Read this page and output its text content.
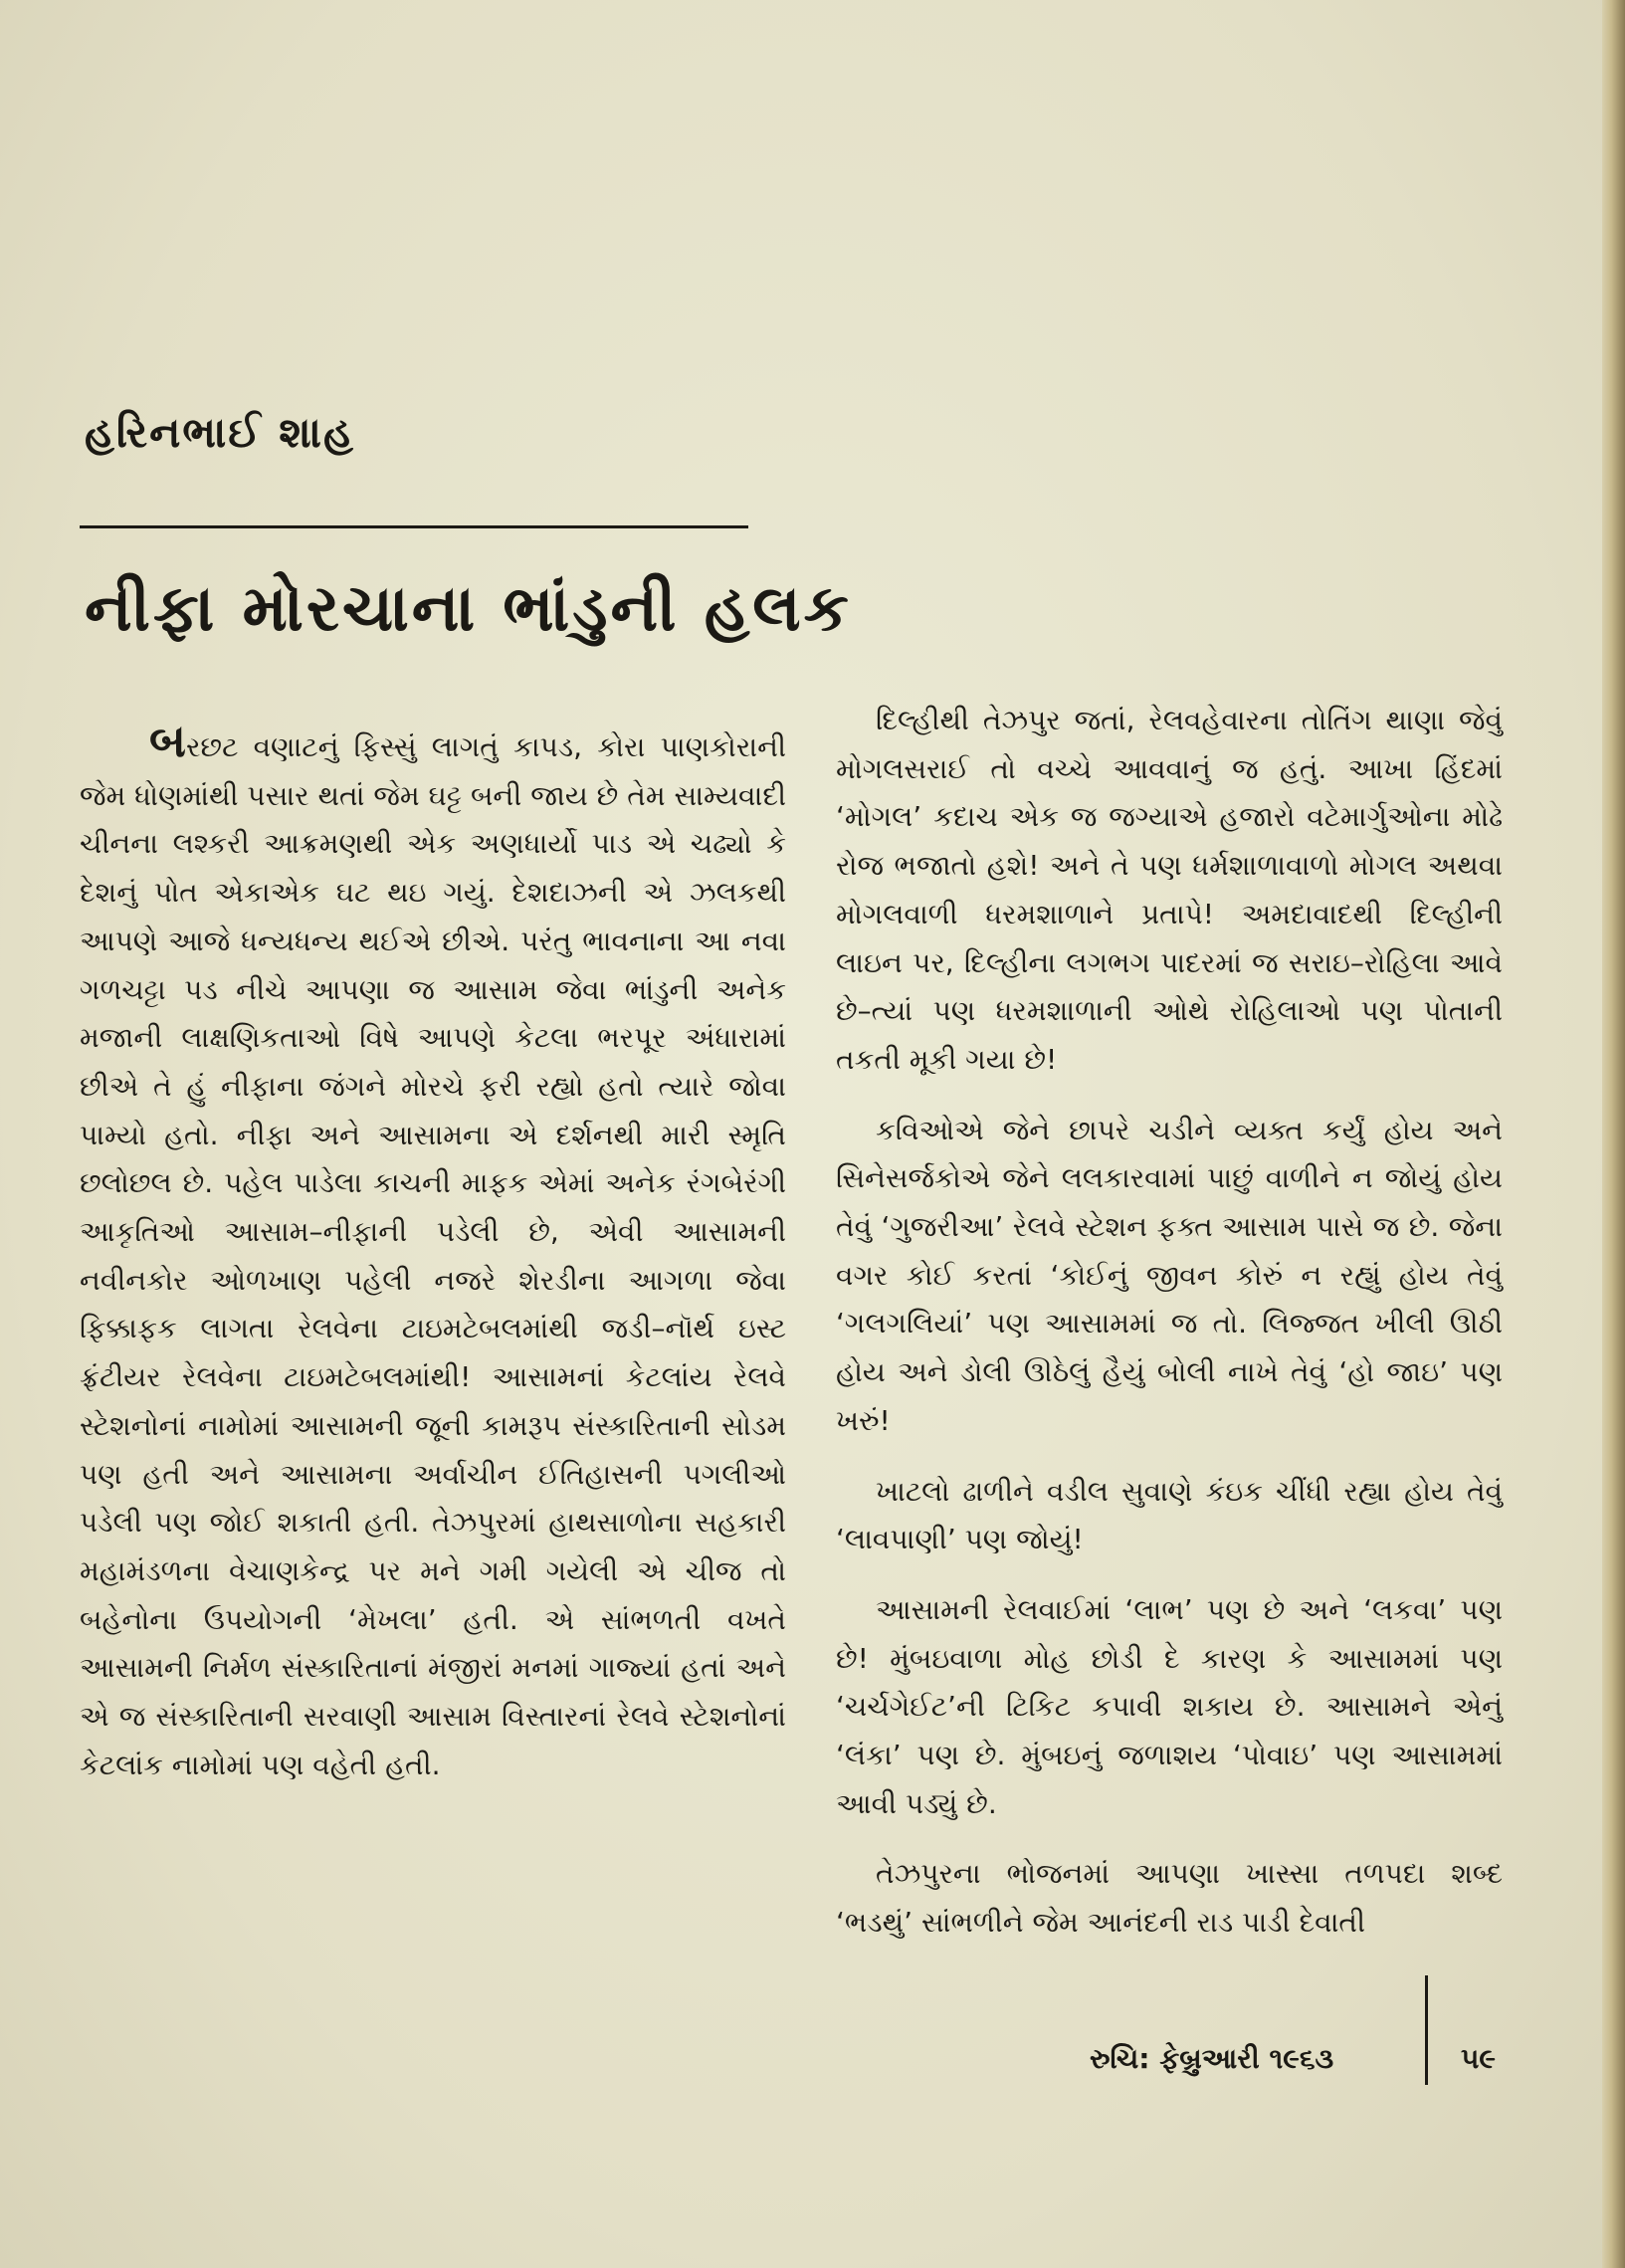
હરિનભાઈ શાહ
નીફા મોરચાના ભાંડુની હલક

બરછટ વણાટનું ફિસ્સું લાગતું કાપડ, કોરા પાણકોરાની જેમ ધોણમાંથી પસાર થતાં જેમ ઘટ્ટ બની જાય છે તેમ સામ્યવાદી ચીનના લશ્કરી આક્રમણથી એક અણધાર્યો પાડ એ ચઢ્યો કે દેશનું પોત એકાએક ઘટ થઇ ગયું. દેશદાઝની એ ઝલકથી આપણે આજે ધન્યધન્ય થઈએ છીએ. પરંતુ ભાવનાના આ નવા ગળચટ્ટા પડ નીચે આપણા જ આસામ જેવા ભાંડુની અનેક મજાની લાક્ષણિકતાઓ વિષે આપણે કેટલા ભરપૂર અંધારામાં છીએ તે હું નીફાના જંગને મોરચે ફરી રહ્યો હતો ત્યારે જોવા પામ્યો હતો. નીફા અને આસામના એ દર્શનથી મારી સ્મૃતિ છલોછલ છે. પહેલ પાડેલા કાચની માફક એમાં અનેક રંગબેરંગી આકૃતિઓ આસામ–નીફાની પડેલી છે, એવી આસામની નવીનકોર ઓળખાણ પહેલી નજરે શેરડીના આગળા જેવા ફિક્કાફક લાગતા રેલવેના ટાઇમટેબલમાંથી જડી–નૉર્થ ઇસ્ટ ફ્રંટીયર રેલવેના ટાઇમટેબલમાંથી! આસામનાં કેટલાંય રેલવે સ્ટેશનોનાં નામોમાં આસામની જૂની કામરૂપ સંસ્કારિતાની સોડમ પણ હતી અને આસામના અર્વાચીન ઈતિહાસની પગલીઓ પડેલી પણ જોઈ શકાતી હતી. તેઝપુરમાં હાથસાળોના સહકારી મહામંડળના વેચાણકેન્દ્ર પર મને ગમી ગયેલી એ ચીજ તો બહેનોના ઉપયોગની ‘મેખલા’ હતી. એ સાંભળતી વખતે આસામની નિર્મળ સંસ્કારિતાનાં મંજીરાં મનમાં ગાજ્યાં હતાં અને એ જ સંસ્કારિતાની સરવાણી આસામ વિસ્તારનાં રેલવે સ્ટેશનોનાં કેટલાંક નામોમાં પણ વહેતી હતી.

દિલ્હીથી તેઝપુર જતાં, રેલવહેવારના તોતિંગ થાણા જેવું મોગલસરાઈ તો વચ્ચે આવવાનું જ હતું. આખા હિંદમાં ‘મોગલ’ કદાચ એક જ જગ્યાએ હજારો વટેમાર્ગુઓના મોઢે રોજ ભજાતો હશે! અને તે પણ ધર્મશાળાવાળો મોગલ અથવા મોગલવાળી ધરમશાળાને પ્રતાપે! અમદાવાદથી દિલ્હીની લાઇન પર, દિલ્હીના લગભગ પાદરમાં જ સરાઇ–રોહિલા આવે છે–ત્યાં પણ ધરમશાળાની ઓથે રોહિલાઓ પણ પોતાની તકતી મૂકી ગયા છે!

કવિઓએ જેને છાપરે ચડીને વ્યક્ત કર્યું હોય અને સિનેસર્જકોએ જેને લલકારવામાં પાછું વાળીને ન જોયું હોય તેવું ‘ગુજરીઆ’ રેલવે સ્ટેશન ફક્ત આસામ પાસે જ છે. જેના વગર કોઈ કરતાં ‘કોઈનું જીવન કોરું ન રહ્યું હોય તેવું ‘ગલગલિયાં’ પણ આસામમાં જ તો. લિજ્જત ખીલી ઊઠી હોય અને ડોલી ઊઠેલું હૈયું બોલી નાખે તેવું ‘હો જાઇ’ પણ ખરું!

ખાટલો ઢાળીને વડીલ સુવાણે કંઇક ચીંધી રહ્યા હોય તેવું ‘લાવપાણી’ પણ જોયું!

આસામની રેલવાઈમાં ‘લાભ’ પણ છે અને ‘લકવા’ પણ છે! મુંબઇવાળા મોહ છોડી દે કારણ કે આસામમાં પણ ‘ચર્ચગેઈટ’ની ટિકિટ કપાવી શકાય છે. આસામને એનું ‘લંકા’ પણ છે. મુંબઇનું જળાશય ‘પોવાઇ’ પણ આસામમાં આવી પડ્યું છે.

તેઝપુરના ભોજનમાં આપણા ખાસ્સા તળપદા શબ્દ ‘ભડથું’ સાંભળીને જેમ આનંદની રાડ પાડી દેવાતી

રુચિ: ફેબ્રુઆરી ૧૯૬૩	૫૯
